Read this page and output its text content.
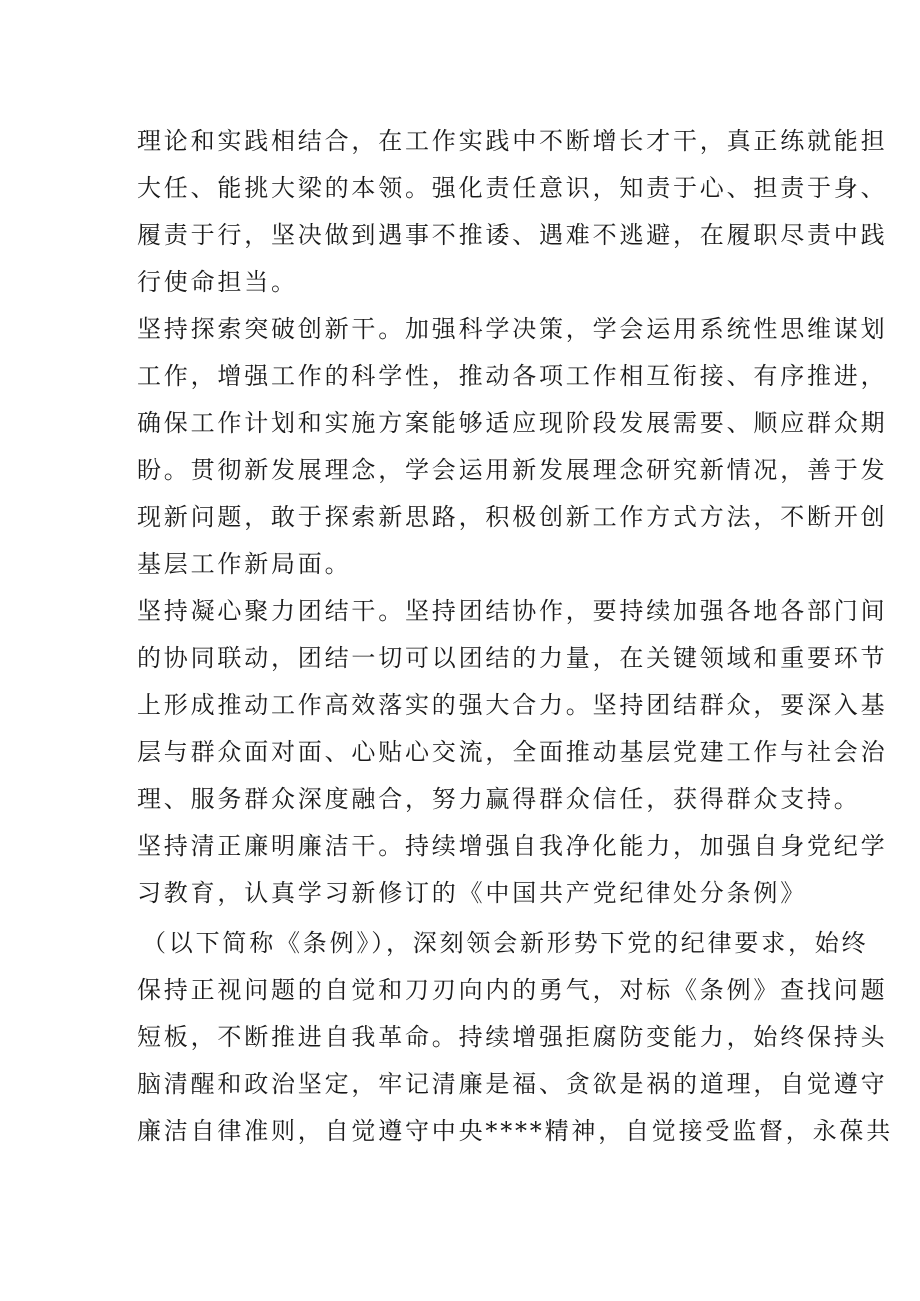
理论和实践相结合，在工作实践中不断增长才干，真正练就能担

大任、能挑大梁的本领。强化责任意识，知责于心、担责于身、

履责于行，坚决做到遇事不推诿、遇难不逃避，在履职尽责中践

行使命担当。

坚持探索突破创新干。加强科学决策，学会运用系统性思维谋划

工作，增强工作的科学性，推动各项工作相互衔接、有序推进，

确保工作计划和实施方案能够适应现阶段发展需要、顺应群众期

盼。贯彻新发展理念，学会运用新发展理念研究新情况，善于发

现新问题，敢于探索新思路，积极创新工作方式方法，不断开创

基层工作新局面。

坚持凝心聚力团结干。坚持团结协作，要持续加强各地各部门间

的协同联动，团结一切可以团结的力量，在关键领域和重要环节

上形成推动工作高效落实的强大合力。坚持团结群众，要深入基

层与群众面对面、心贴心交流，全面推动基层党建工作与社会治

理、服务群众深度融合，努力赢得群众信任，获得群众支持。

坚持清正廉明廉洁干。持续增强自我净化能力，加强自身党纪学

习教育，认真学习新修订的《中国共产党纪律处分条例》

（以下简称《条例》），深刻领会新形势下党的纪律要求，始终

保持正视问题的自觉和刀刃向内的勇气，对标《条例》查找问题

短板，不断推进自我革命。持续增强拒腐防变能力，始终保持头

脑清醒和政治坚定，牢记清廉是福、贪欲是祸的道理，自觉遵守

廉洁自律准则，自觉遵守中央****精神，自觉接受监督，永葆共
